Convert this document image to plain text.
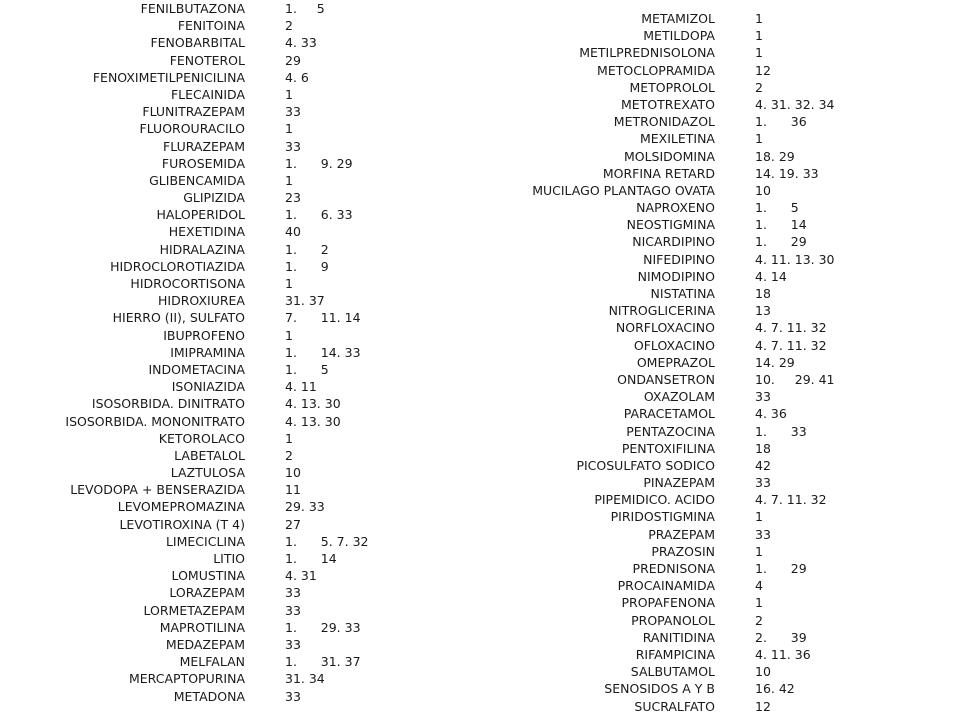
FENILBUTAZONA	1.     5
FENITOINA	2
FENOBARBITAL	4. 33
FENOTEROL	29
FENOXIMETILPENICILINA	4. 6
FLECAINIDA	1
FLUNITRAZEPAM	33
FLUOROURACILO	1
FLURAZEPAM	33
FUROSEMIDA	1.      9. 29
GLIBENCAMIDA	1
GLIPIZIDA	23
HALOPERIDOL	1.      6. 33
HEXETIDINA	40
HIDRALAZINA	1.      2
HIDROCLOROTIAZIDA	1.      9
HIDROCORTISONA	1
HIDROXIUREA	31. 37
HIERRO (II), SULFATO	7.      11. 14
IBUPROFENO	1
IMIPRAMINA	1.      14. 33
INDOMETACINA	1.      5
ISONIAZIDA	4. 11
ISOSORBIDA. DINITRATO	4. 13. 30
ISOSORBIDA. MONONITRATO	4. 13. 30
KETOROLACO	1
LABETALOL	2
LAZTULOSA	10
LEVODOPA + BENSERAZIDA	11
LEVOMEPROMAZINA	29. 33
LEVOTIROXINA (T 4)	27
LIMECICLINA	1.      5. 7. 32
LITIO	1.      14
LOMUSTINA	4. 31
LORAZEPAM	33
LORMETAZEPAM	33
MAPROTILINA	1.      29. 33
MEDAZEPAM	33
MELFALAN	1.      31. 37
MERCAPTOPURINA	31. 34
METADONA	33
METAMIZOL	1
METILDOPA	1
METILPREDNISOLONA	1
METOCLOPRAMIDA	12
METOPROLOL	2
METOTREXATO	4. 31. 32. 34
METRONIDAZOL	1.      36
MEXILETINA	1
MOLSIDOMINA	18. 29
MORFINA RETARD	14. 19. 33
MUCILAGO PLANTAGO OVATA	10
NAPROXENO	1.      5
NEOSTIGMINA	1.      14
NICARDIPINO	1.      29
NIFEDIPINO	4. 11. 13. 30
NIMODIPINO	4. 14
NISTATINA	18
NITROGLICERINA	13
NORFLOXACINO	4. 7. 11. 32
OFLOXACINO	4. 7. 11. 32
OMEPRAZOL	14. 29
ONDANSETRON	10.     29. 41
OXAZOLAM	33
PARACETAMOL	4. 36
PENTAZOCINA	1.      33
PENTOXIFILINA	18
PICOSULFATO SODICO	42
PINAZEPAM	33
PIPEMIDICO. ACIDO	4. 7. 11. 32
PIRIDOSTIGMINA	1
PRAZEPAM	33
PRAZOSIN	1
PREDNISONA	1.      29
PROCAINAMIDA	4
PROPAFENONA	1
PROPANOLOL	2
RANITIDINA	2.      39
RIFAMPICINA	4. 11. 36
SALBUTAMOL	10
SENOSIDOS A Y B	16. 42
SUCRALFATO	12
